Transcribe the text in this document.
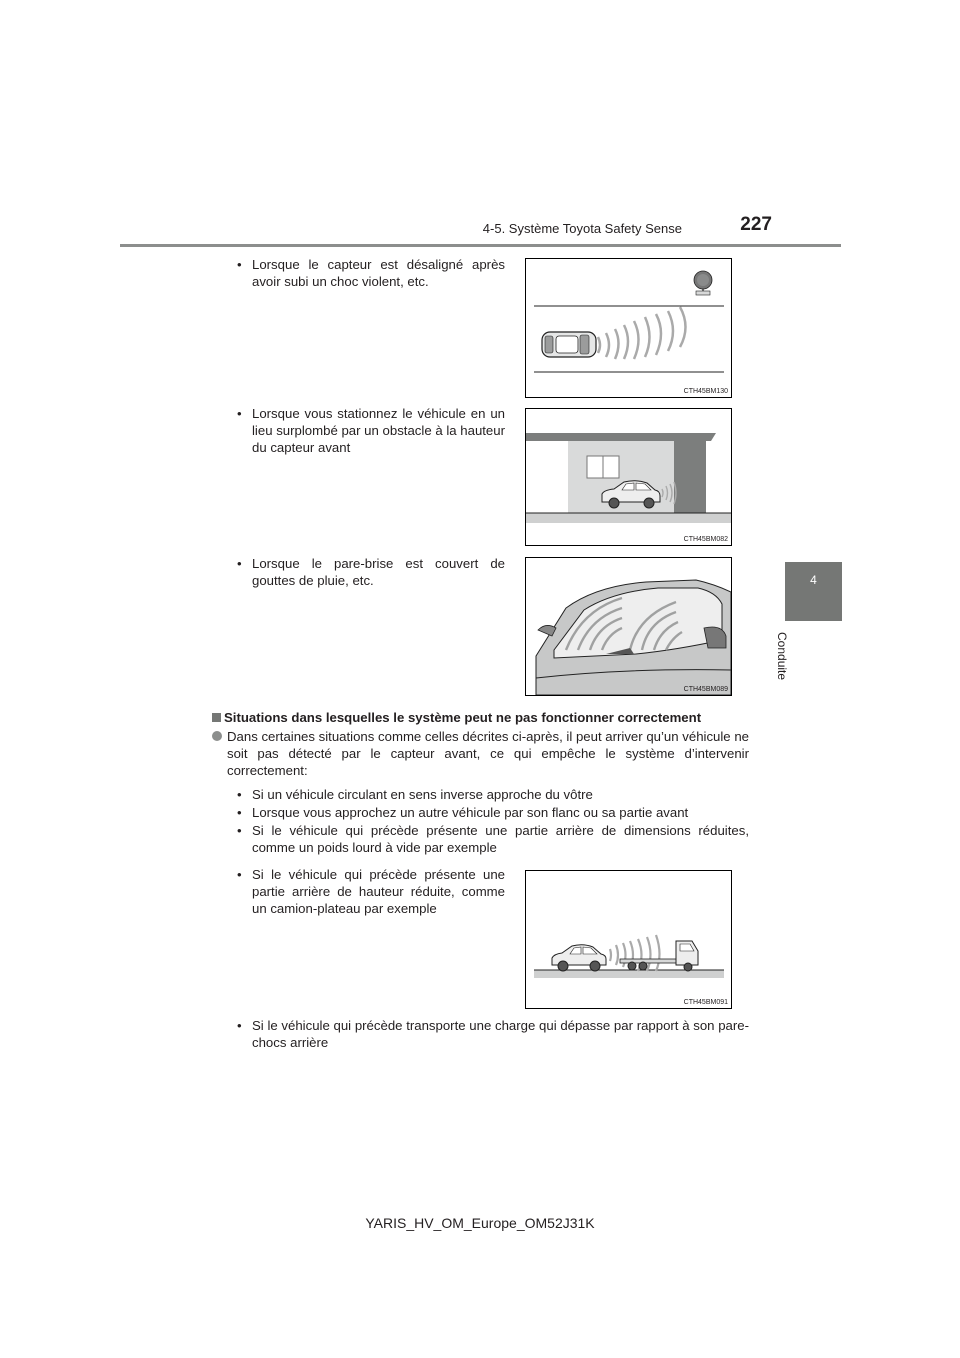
4-5. Système Toyota Safety Sense	227
4
Conduite
• Lorsque le capteur est désaligné après avoir subi un choc violent, etc.
CTH45BM130
• Lorsque vous stationnez le véhicule en un lieu surplombé par un obstacle à la hauteur du capteur avant
CTH45BM082
• Lorsque le pare-brise est couvert de gouttes de pluie, etc.
CTH45BM089
Situations dans lesquelles le système peut ne pas fonctionner correctement
Dans certaines situations comme celles décrites ci-après, il peut arriver qu’un véhicule ne soit pas détecté par le capteur avant, ce qui empêche le système d’intervenir correctement:
• Si un véhicule circulant en sens inverse approche du vôtre
• Lorsque vous approchez un autre véhicule par son flanc ou sa partie avant
• Si le véhicule qui précède présente une partie arrière de dimensions réduites, comme un poids lourd à vide par exemple
• Si le véhicule qui précède présente une partie arrière de hauteur réduite, comme un camion-plateau par exemple
CTH45BM091
• Si le véhicule qui précède transporte une charge qui dépasse par rapport à son pare-chocs arrière
YARIS_HV_OM_Europe_OM52J31K
